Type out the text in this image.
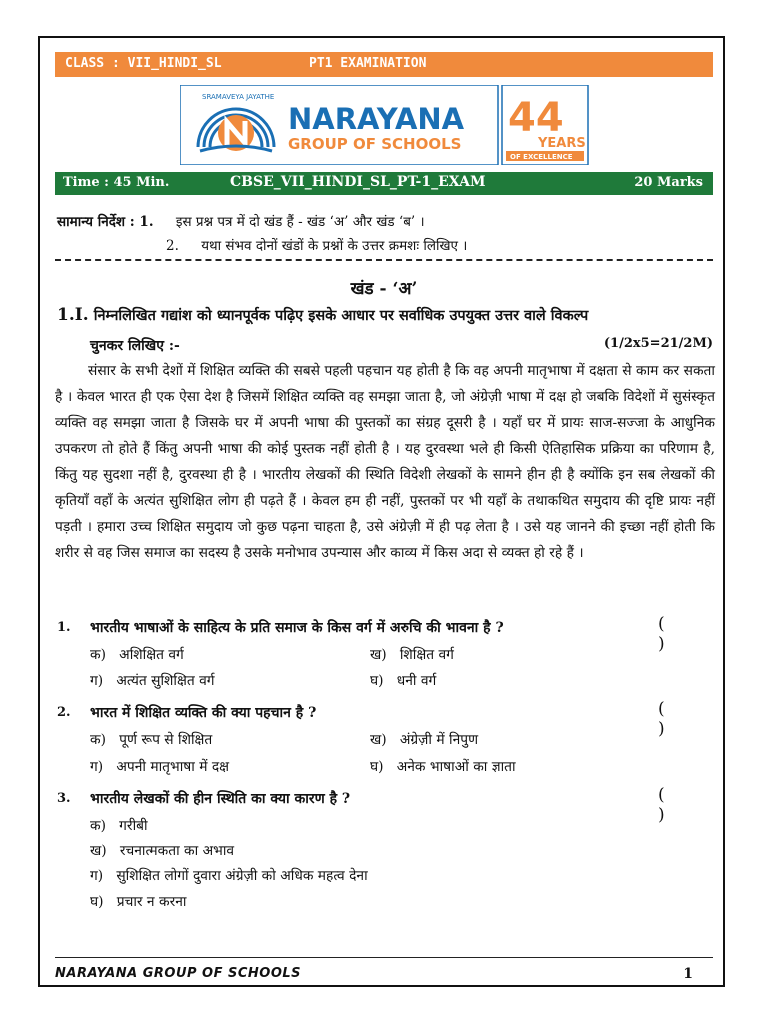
CLASS : VII_HINDI_SL	PT1 EXAMINATION
SRAMAVEYA JAYATHE
NARAYANA
GROUP OF SCHOOLS
44
YEARS
OF EXCELLENCE
Time : 45 Min.	CBSE_VII_HINDI_SL_PT-1_EXAM	20 Marks
सामान्य निर्देश : 1. इस प्रश्न पत्र में दो खंड हैं - खंड ‘अ’ और खंड ‘ब’ ।
2. यथा संभव दोनों खंडों के प्रश्नों के उत्तर क्रमशः लिखिए ।
खंड - ‘अ’
1.I. निम्नलिखित गद्यांश को ध्यानपूर्वक पढ़िए इसके आधार पर सर्वाधिक उपयुक्त उत्तर वाले विकल्प
चुनकर लिखिए :-	(1/2x5=21/2M)
संसार के सभी देशों में शिक्षित व्यक्ति की सबसे पहली पहचान यह होती है कि वह अपनी मातृभाषा में दक्षता से काम कर सकता है । केवल भारत ही एक ऐसा देश है जिसमें शिक्षित व्यक्ति वह समझा जाता है, जो अंग्रेज़ी भाषा में दक्ष हो जबकि विदेशों में सुसंस्कृत व्यक्ति वह समझा जाता है जिसके घर में अपनी भाषा की पुस्तकों का संग्रह दूसरी है । यहाँ घर में प्रायः साज-सज्जा के आधुनिक उपकरण तो होते हैं किंतु अपनी भाषा की कोई पुस्तक नहीं होती है । यह दुरवस्था भले ही किसी ऐतिहासिक प्रक्रिया का परिणाम है, किंतु यह सुदशा नहीं है, दुरवस्था ही है । भारतीय लेखकों की स्थिति विदेशी लेखकों के सामने हीन ही है क्योंकि इन सब लेखकों की कृतियाँ वहाँ के अत्यंत सुशिक्षित लोग ही पढ़ते हैं । केवल हम ही नहीं, पुस्तकों पर भी यहाँ के तथाकथित समुदाय की दृष्टि प्रायः नहीं पड़ती । हमारा उच्च शिक्षित समुदाय जो कुछ पढ़ना चाहता है, उसे अंग्रेज़ी में ही पढ़ लेता है । उसे यह जानने की इच्छा नहीं होती कि शरीर से वह जिस समाज का सदस्य है उसके मनोभाव उपन्यास और काव्य में किस अदा से व्यक्त हो रहे हैं ।
1. भारतीय भाषाओं के साहित्य के प्रति समाज के किस वर्ग में अरुचि की भावना है ?	( )
क) अशिक्षित वर्ग	ख) शिक्षित वर्ग
ग) अत्यंत सुशिक्षित वर्ग	घ) धनी वर्ग
2. भारत में शिक्षित व्यक्ति की क्या पहचान है ?	( )
क) पूर्ण रूप से शिक्षित	ख) अंग्रेज़ी में निपुण
ग) अपनी मातृभाषा में दक्ष	घ) अनेक भाषाओं का ज्ञाता
3. भारतीय लेखकों की हीन स्थिति का क्या कारण है ?	( )
क) गरीबी
ख) रचनात्मकता का अभाव
ग) सुशिक्षित लोगों दुवारा अंग्रेज़ी को अधिक महत्व देना
घ) प्रचार न करना
NARAYANA GROUP OF SCHOOLS	1
